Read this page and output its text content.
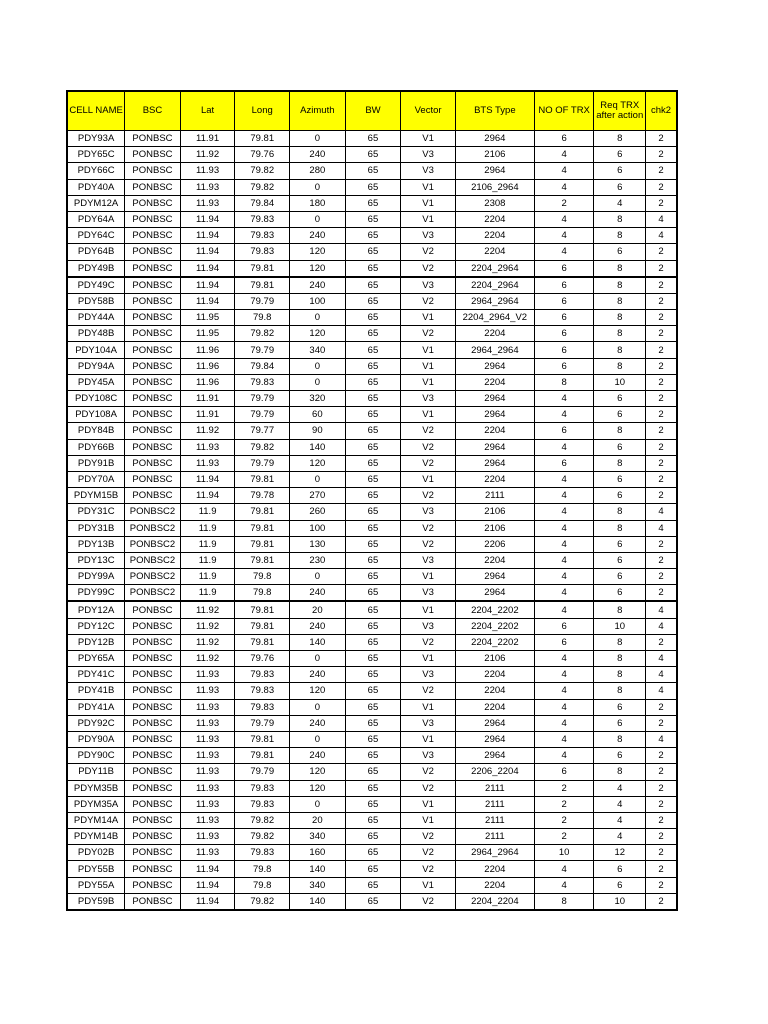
CELL NAME	BSC	Lat	Long	Azimuth	BW	Vector	BTS Type	NO OF TRX	Req TRX after action	chk2
PDY93A	PONBSC	11.91	79.81	0	65	V1	2964	6	8	2
PDY65C	PONBSC	11.92	79.76	240	65	V3	2106	4	6	2
PDY66C	PONBSC	11.93	79.82	280	65	V3	2964	4	6	2
PDY40A	PONBSC	11.93	79.82	0	65	V1	2106_2964	4	6	2
PDYM12A	PONBSC	11.93	79.84	180	65	V1	2308	2	4	2
PDY64A	PONBSC	11.94	79.83	0	65	V1	2204	4	8	4
PDY64C	PONBSC	11.94	79.83	240	65	V3	2204	4	8	4
PDY64B	PONBSC	11.94	79.83	120	65	V2	2204	4	6	2
PDY49B	PONBSC	11.94	79.81	120	65	V2	2204_2964	6	8	2
PDY49C	PONBSC	11.94	79.81	240	65	V3	2204_2964	6	8	2
PDY58B	PONBSC	11.94	79.79	100	65	V2	2964_2964	6	8	2
PDY44A	PONBSC	11.95	79.8	0	65	V1	2204_2964_V2	6	8	2
PDY48B	PONBSC	11.95	79.82	120	65	V2	2204	6	8	2
PDY104A	PONBSC	11.96	79.79	340	65	V1	2964_2964	6	8	2
PDY94A	PONBSC	11.96	79.84	0	65	V1	2964	6	8	2
PDY45A	PONBSC	11.96	79.83	0	65	V1	2204	8	10	2
PDY108C	PONBSC	11.91	79.79	320	65	V3	2964	4	6	2
PDY108A	PONBSC	11.91	79.79	60	65	V1	2964	4	6	2
PDY84B	PONBSC	11.92	79.77	90	65	V2	2204	6	8	2
PDY66B	PONBSC	11.93	79.82	140	65	V2	2964	4	6	2
PDY91B	PONBSC	11.93	79.79	120	65	V2	2964	6	8	2
PDY70A	PONBSC	11.94	79.81	0	65	V1	2204	4	6	2
PDYM15B	PONBSC	11.94	79.78	270	65	V2	2111	4	6	2
PDY31C	PONBSC2	11.9	79.81	260	65	V3	2106	4	8	4
PDY31B	PONBSC2	11.9	79.81	100	65	V2	2106	4	8	4
PDY13B	PONBSC2	11.9	79.81	130	65	V2	2206	4	6	2
PDY13C	PONBSC2	11.9	79.81	230	65	V3	2204	4	6	2
PDY99A	PONBSC2	11.9	79.8	0	65	V1	2964	4	6	2
PDY99C	PONBSC2	11.9	79.8	240	65	V3	2964	4	6	2
PDY12A	PONBSC	11.92	79.81	20	65	V1	2204_2202	4	8	4
PDY12C	PONBSC	11.92	79.81	240	65	V3	2204_2202	6	10	4
PDY12B	PONBSC	11.92	79.81	140	65	V2	2204_2202	6	8	2
PDY65A	PONBSC	11.92	79.76	0	65	V1	2106	4	8	4
PDY41C	PONBSC	11.93	79.83	240	65	V3	2204	4	8	4
PDY41B	PONBSC	11.93	79.83	120	65	V2	2204	4	8	4
PDY41A	PONBSC	11.93	79.83	0	65	V1	2204	4	6	2
PDY92C	PONBSC	11.93	79.79	240	65	V3	2964	4	6	2
PDY90A	PONBSC	11.93	79.81	0	65	V1	2964	4	8	4
PDY90C	PONBSC	11.93	79.81	240	65	V3	2964	4	6	2
PDY11B	PONBSC	11.93	79.79	120	65	V2	2206_2204	6	8	2
PDYM35B	PONBSC	11.93	79.83	120	65	V2	2111	2	4	2
PDYM35A	PONBSC	11.93	79.83	0	65	V1	2111	2	4	2
PDYM14A	PONBSC	11.93	79.82	20	65	V1	2111	2	4	2
PDYM14B	PONBSC	11.93	79.82	340	65	V2	2111	2	4	2
PDY02B	PONBSC	11.93	79.83	160	65	V2	2964_2964	10	12	2
PDY55B	PONBSC	11.94	79.8	140	65	V2	2204	4	6	2
PDY55A	PONBSC	11.94	79.8	340	65	V1	2204	4	6	2
PDY59B	PONBSC	11.94	79.82	140	65	V2	2204_2204	8	10	2
